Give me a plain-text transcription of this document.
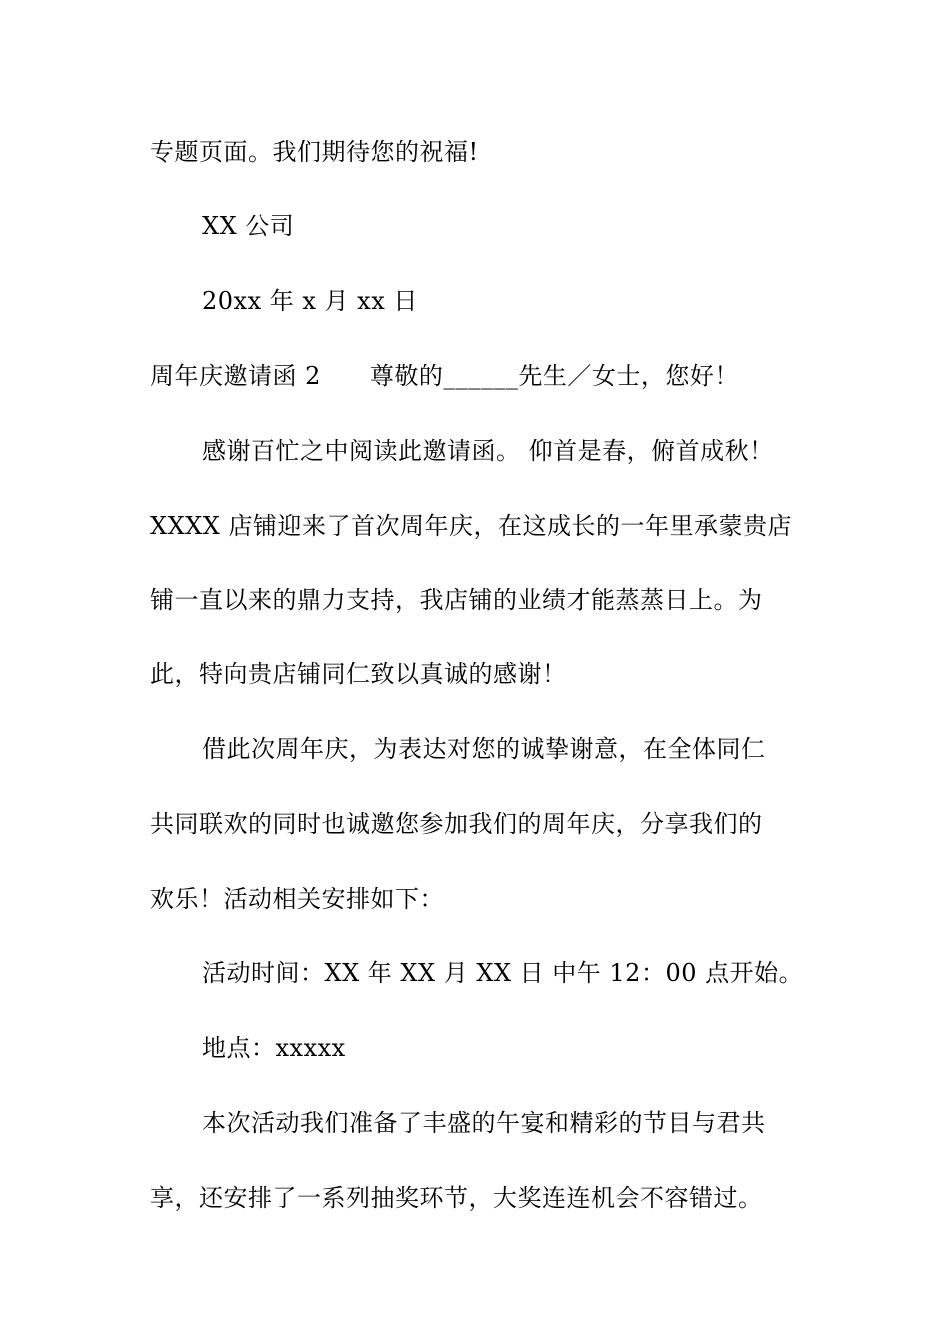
专题页面。我们期待您的祝福!
XX 公司
20xx 年 x 月 xx 日
周年庆邀请函 2　　尊敬的______先生／女士，您好！
感谢百忙之中阅读此邀请函。 仰首是春，俯首成秋！
XXXX 店铺迎来了首次周年庆，在这成长的一年里承蒙贵店
铺一直以来的鼎力支持，我店铺的业绩才能蒸蒸日上。为
此，特向贵店铺同仁致以真诚的感谢！
借此次周年庆，为表达对您的诚挚谢意，在全体同仁
共同联欢的同时也诚邀您参加我们的周年庆，分享我们的
欢乐！活动相关安排如下：
活动时间：XX 年 XX 月 XX 日 中午 12：00 点开始。
地点：xxxxx
本次活动我们准备了丰盛的午宴和精彩的节目与君共
享，还安排了一系列抽奖环节，大奖连连机会不容错过。
